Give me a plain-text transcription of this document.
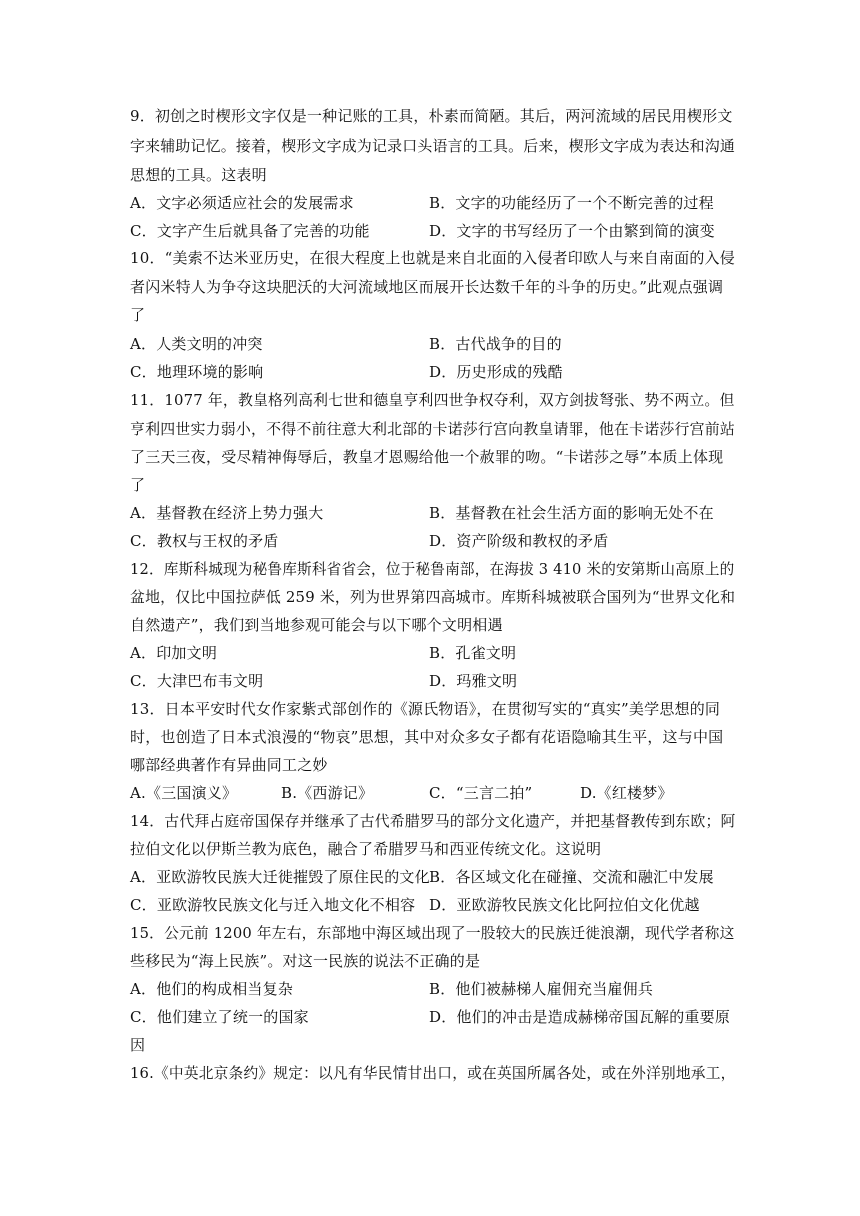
9．初创之时楔形文字仅是一种记账的工具，朴素而简陋。其后，两河流域的居民用楔形文
字来辅助记忆。接着，楔形文字成为记录口头语言的工具。后来，楔形文字成为表达和沟通
思想的工具。这表明
A．文字必须适应社会的发展需求	B．文字的功能经历了一个不断完善的过程
C．文字产生后就具备了完善的功能	D．文字的书写经历了一个由繁到简的演变
10．“美索不达米亚历史，在很大程度上也就是来自北面的入侵者印欧人与来自南面的入侵
者闪米特人为争夺这块肥沃的大河流域地区而展开长达数千年的斗争的历史。”此观点强调
了
A．人类文明的冲突	B．古代战争的目的
C．地理环境的影响	D．历史形成的残酷
11．1077 年，教皇格列高利七世和德皇亨利四世争权夺利，双方剑拔弩张、势不两立。但
亨利四世实力弱小，不得不前往意大利北部的卡诺莎行宫向教皇请罪，他在卡诺莎行宫前站
了三天三夜，受尽精神侮辱后，教皇才恩赐给他一个赦罪的吻。“卡诺莎之辱”本质上体现
了
A．基督教在经济上势力强大	B．基督教在社会生活方面的影响无处不在
C．教权与王权的矛盾	D．资产阶级和教权的矛盾
12．库斯科城现为秘鲁库斯科省省会，位于秘鲁南部，在海拔 3 410 米的安第斯山高原上的
盆地，仅比中国拉萨低 259 米，列为世界第四高城市。库斯科城被联合国列为“世界文化和
自然遗产”，我们到当地参观可能会与以下哪个文明相遇
A．印加文明	B．孔雀文明
C．大津巴布韦文明	D．玛雅文明
13．日本平安时代女作家紫式部创作的《源氏物语》，在贯彻写实的“真实”美学思想的同
时，也创造了日本式浪漫的“物哀”思想，其中对众多女子都有花语隐喻其生平，这与中国
哪部经典著作有异曲同工之妙
A.《三国演义》	B.《西游记》	C．“三言二拍”	D.《红楼梦》
14．古代拜占庭帝国保存并继承了古代希腊罗马的部分文化遗产，并把基督教传到东欧；阿
拉伯文化以伊斯兰教为底色，融合了希腊罗马和西亚传统文化。这说明
A．亚欧游牧民族大迁徙摧毁了原住民的文化 B．各区域文化在碰撞、交流和融汇中发展
C．亚欧游牧民族文化与迁入地文化不相容 D．亚欧游牧民族文化比阿拉伯文化优越
15．公元前 1200 年左右，东部地中海区域出现了一股较大的民族迁徙浪潮，现代学者称这
些移民为“海上民族”。对这一民族的说法不正确的是
A．他们的构成相当复杂	B．他们被赫梯人雇佣充当雇佣兵
C．他们建立了统一的国家	D．他们的冲击是造成赫梯帝国瓦解的重要原
因
16.《中英北京条约》规定：以凡有华民情甘出口，或在英国所属各处，或在外洋别地承工，
